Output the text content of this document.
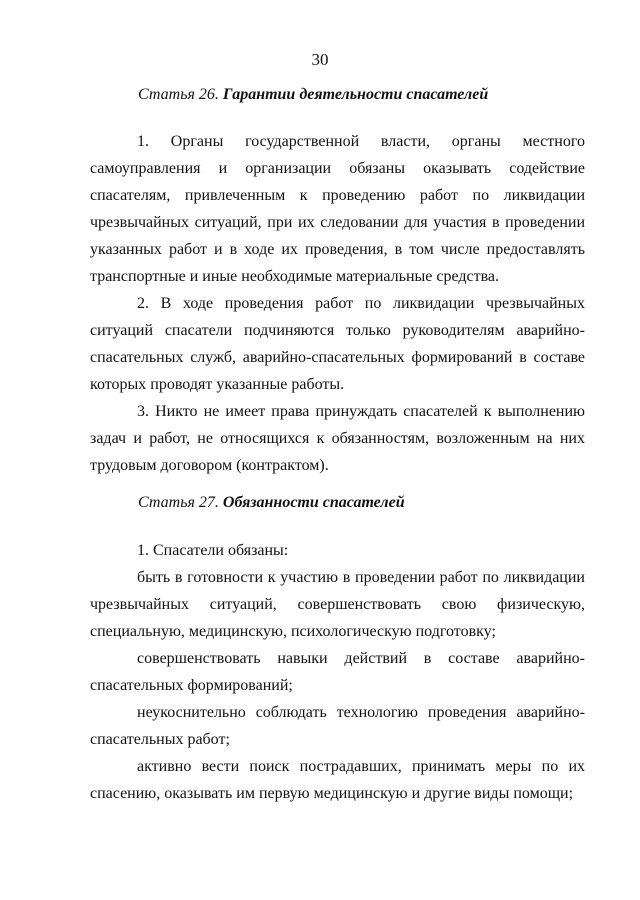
30
Статья 26. Гарантии деятельности спасателей

1. Органы государственной власти, органы местного самоуправления и организации обязаны оказывать содействие спасателям, привлеченным к проведению работ по ликвидации чрезвычайных ситуаций, при их следовании для участия в проведении указанных работ и в ходе их проведения, в том числе предоставлять транспортные и иные необходимые материальные средства.

2. В ходе проведения работ по ликвидации чрезвычайных ситуаций спасатели подчиняются только руководителям аварийно-спасательных служб, аварийно-спасательных формирований в составе которых проводят указанные работы.

3. Никто не имеет права принуждать спасателей к выполнению задач и работ, не относящихся к обязанностям, возложенным на них трудовым договором (контрактом).

Статья 27. Обязанности спасателей

1. Спасатели обязаны:

быть в готовности к участию в проведении работ по ликвидации чрезвычайных ситуаций, совершенствовать свою физическую, специальную, медицинскую, психологическую подготовку;

совершенствовать навыки действий в составе аварийно-спасательных формирований;

неукоснительно соблюдать технологию проведения аварийно-спасательных работ;

активно вести поиск пострадавших, принимать меры по их спасению, оказывать им первую медицинскую и другие виды помощи;
